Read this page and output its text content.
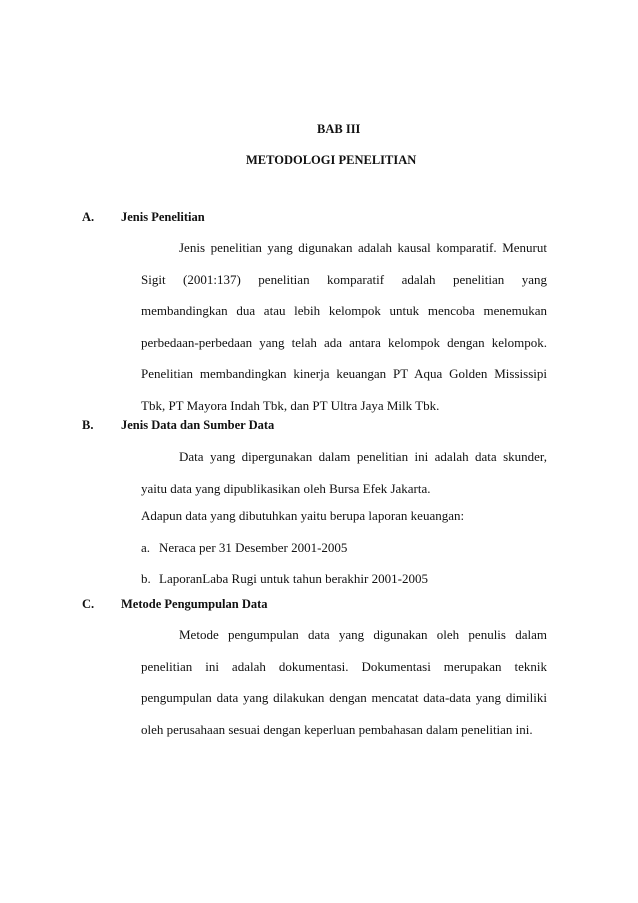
BAB III
METODOLOGI PENELITIAN
A. Jenis Penelitian

Jenis penelitian yang digunakan adalah kausal komparatif. Menurut Sigit (2001:137) penelitian komparatif adalah penelitian yang membandingkan dua atau lebih kelompok untuk mencoba menemukan perbedaan-perbedaan yang telah ada antara kelompok dengan kelompok. Penelitian membandingkan kinerja keuangan PT Aqua Golden Mississipi Tbk, PT Mayora Indah Tbk, dan PT Ultra Jaya Milk Tbk.

B. Jenis Data dan Sumber Data

Data yang dipergunakan dalam penelitian ini adalah data skunder, yaitu data yang dipublikasikan oleh Bursa Efek Jakarta.

Adapun data yang dibutuhkan yaitu berupa laporan keuangan:
a. Neraca per 31 Desember 2001-2005
b. LaporanLaba Rugi untuk tahun berakhir 2001-2005
C. Metode Pengumpulan Data

Metode pengumpulan data yang digunakan oleh penulis dalam penelitian ini adalah dokumentasi. Dokumentasi merupakan teknik pengumpulan data yang dilakukan dengan mencatat data-data yang dimiliki oleh perusahaan sesuai dengan keperluan pembahasan dalam penelitian ini.
